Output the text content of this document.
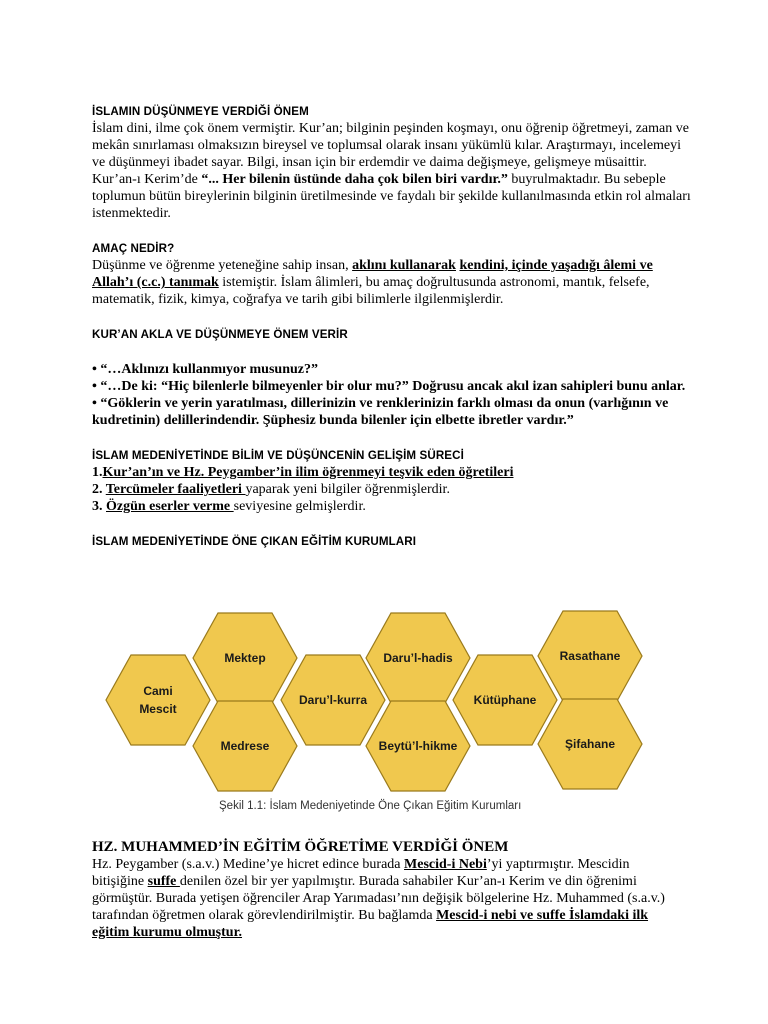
İSLAMIN DÜŞÜNMEYE VERDİĞİ ÖNEM

İslam dini, ilme çok önem vermiştir. Kur’an; bilginin peşinden koşmayı, onu öğrenip öğretmeyi, zaman ve mekân sınırlaması olmaksızın bireysel ve toplumsal olarak insanı yükümlü kılar. Araştırmayı, incelemeyi ve düşünmeyi ibadet sayar. Bilgi, insan için bir erdemdir ve daima değişmeye, gelişmeye müsaittir. Kur’an-ı Kerim’de “... Her bilenin üstünde daha çok bilen biri vardır.” buyrulmaktadır. Bu sebeple toplumun bütün bireylerinin bilginin üretilmesinde ve faydalı bir şekilde kullanılmasında etkin rol almaları istenmektedir.

AMAÇ NEDİR?

Düşünme ve öğrenme yeteneğine sahip insan, aklını kullanarak kendini, içinde yaşadığı âlemi ve Allah’ı (c.c.) tanımak istemiştir. İslam âlimleri, bu amaç doğrultusunda astronomi, mantık, felsefe, matematik, fizik, kimya, coğrafya ve tarih gibi bilimlerle ilgilenmişlerdir.

KUR’AN AKLA VE DÜŞÜNMEYE ÖNEM VERİR

• “…Aklınızı kullanmıyor musunuz?”

• “…De ki: “Hiç bilenlerle bilmeyenler bir olur mu?” Doğrusu ancak akıl izan sahipleri bunu anlar.

• “Göklerin ve yerin yaratılması, dillerinizin ve renklerinizin farklı olması da onun (varlığının ve kudretinin) delillerindendir. Şüphesiz bunda bilenler için elbette ibretler vardır.”

İSLAM MEDENİYETİNDE BİLİM VE DÜŞÜNCENİN GELİŞİM SÜRECİ

1.Kur’an’ın ve Hz. Peygamber’in ilim öğrenmeyi teşvik eden öğretileri

2. Tercümeler faaliyetleri yaparak yeni bilgiler öğrenmişlerdir.

3. Özgün eserler verme seviyesine gelmişlerdir.

İSLAM MEDENİYETİNDE ÖNE ÇIKAN EĞİTİM KURUMLARI

Cami
Mescit
Mektep
Medrese
Daru’l-kurra
Daru’l-hadis
Beytü’l-hikme
Kütüphane
Rasathane
Şifahane
Şekil 1.1: İslam Medeniyetinde Öne Çıkan Eğitim Kurumları

HZ. MUHAMMED’İN EĞİTİM ÖĞRETİME VERDİĞİ ÖNEM

Hz. Peygamber (s.a.v.) Medine’ye hicret edince burada Mescid-i Nebi’yi yaptırmıştır. Mescidin bitişiğine suffe denilen özel bir yer yapılmıştır. Burada sahabiler Kur’an-ı Kerim ve din öğrenimi görmüştür. Burada yetişen öğrenciler Arap Yarımadası’nın değişik bölgelerine Hz. Muhammed (s.a.v.) tarafından öğretmen olarak görevlendirilmiştir. Bu bağlamda Mescid-i nebi ve suffe İslamdaki ilk eğitim kurumu olmuştur.
